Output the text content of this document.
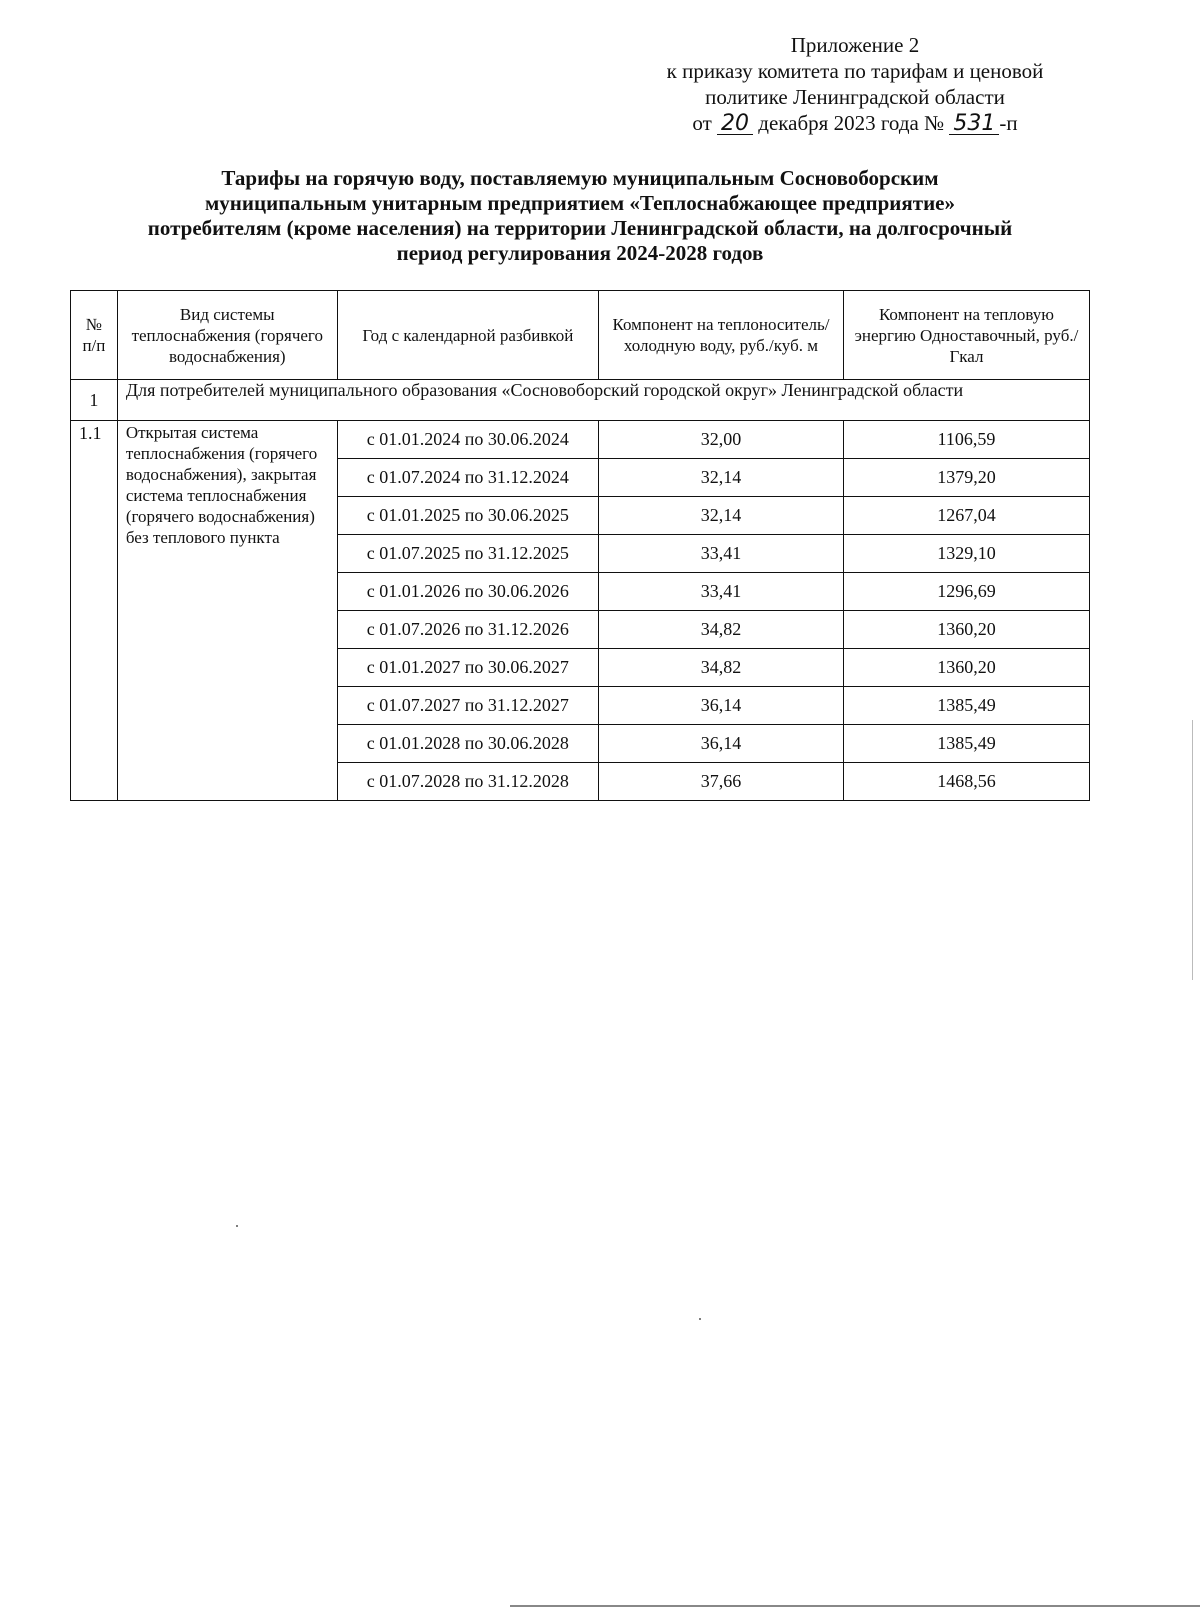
Приложение 2
к приказу комитета по тарифам и ценовой
политике Ленинградской области
от 20 декабря 2023 года № 531 -п
Тарифы на горячую воду, поставляемую муниципальным Сосновоборским
муниципальным унитарным предприятием «Теплоснабжающее предприятие»
потребителям (кроме населения) на территории Ленинградской области, на долгосрочный
период регулирования 2024-2028 годов
№ п/п	Вид системы теплоснабжения (горячего водоснабжения)	Год с календарной разбивкой	Компонент на теплоноситель/холодную воду, руб./куб. м	Компонент на тепловую энергию Одноставочный, руб./Гкал
1	Для потребителей муниципального образования «Сосновоборский городской округ» Ленинградской области			
1.1	Открытая система теплоснабжения (горячего водоснабжения), закрытая система теплоснабжения (горячего водоснабжения) без теплового пункта	с 01.01.2024 по 30.06.2024	32,00	1106,59
		с 01.07.2024 по 31.12.2024	32,14	1379,20
		с 01.01.2025 по 30.06.2025	32,14	1267,04
		с 01.07.2025 по 31.12.2025	33,41	1329,10
		с 01.01.2026 по 30.06.2026	33,41	1296,69
		с 01.07.2026 по 31.12.2026	34,82	1360,20
		с 01.01.2027 по 30.06.2027	34,82	1360,20
		с 01.07.2027 по 31.12.2027	36,14	1385,49
		с 01.01.2028 по 30.06.2028	36,14	1385,49
		с 01.07.2028 по 31.12.2028	37,66	1468,56
